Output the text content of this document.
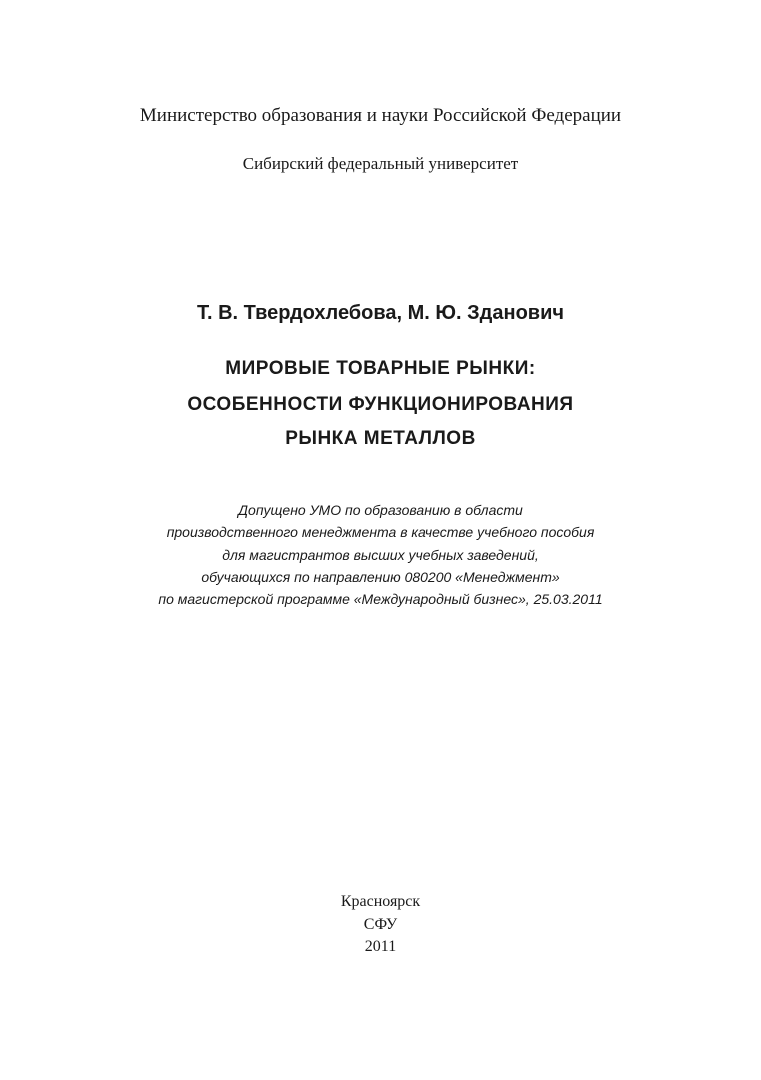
Министерство образования и науки Российской Федерации
Сибирский федеральный университет
Т. В. Твердохлебова, М. Ю. Зданович
МИРОВЫЕ ТОВАРНЫЕ РЫНКИ:
ОСОБЕННОСТИ ФУНКЦИОНИРОВАНИЯ
РЫНКА МЕТАЛЛОВ
Допущено УМО по образованию в области
производственного менеджмента в качестве учебного пособия
для магистрантов высших учебных заведений,
обучающихся по направлению 080200 «Менеджмент»
по магистерской программе «Международный бизнес», 25.03.2011
Красноярск
СФУ
2011
